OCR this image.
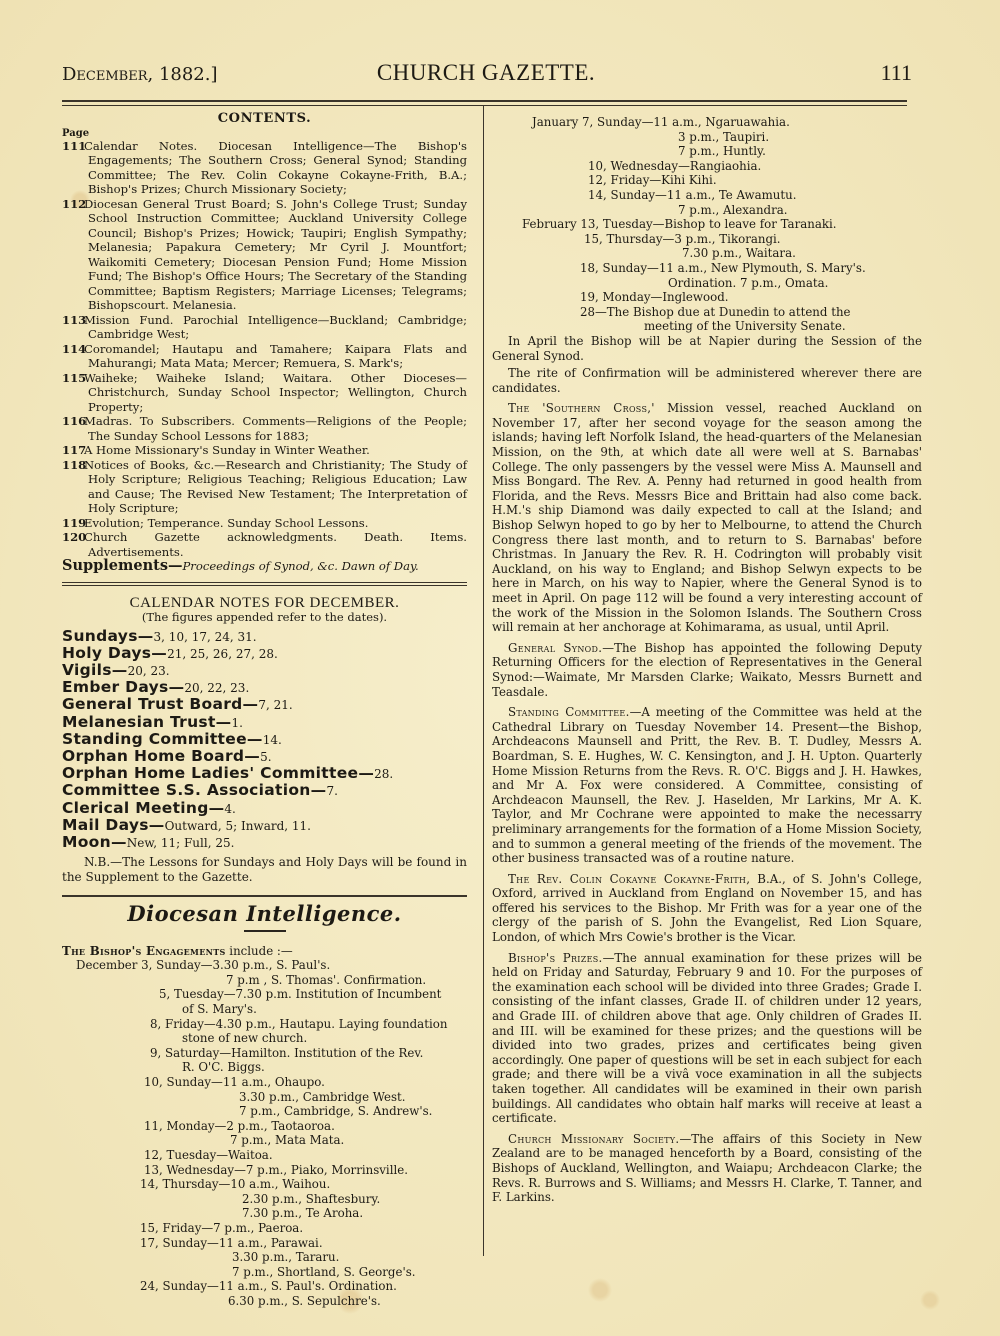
December, 1882.]	CHURCH GAZETTE.	111
CONTENTS.
Page
111
Calendar Notes. Diocesan Intelligence—The Bishop's Engagements; The Southern Cross; General Synod; Standing Committee; The Rev. Colin Cokayne Cokayne-Frith, B.A.; Bishop's Prizes; Church Missionary Society;
112
Diocesan General Trust Board; S. John's College Trust; Sunday School Instruction Committee; Auckland University College Council; Bishop's Prizes; Howick; Taupiri; English Sympathy; Melanesia; Papakura Cemetery; Mr Cyril J. Mountfort; Waikomiti Cemetery; Diocesan Pension Fund; Home Mission Fund; The Bishop's Office Hours; The Secretary of the Standing Committee; Baptism Registers; Marriage Licenses; Telegrams; Bishopscourt. Melanesia.
113
Mission Fund. Parochial Intelligence—Buckland; Cambridge; Cambridge West;
114
Coromandel; Hautapu and Tamahere; Kaipara Flats and Mahurangi; Mata Mata; Mercer; Remuera, S. Mark's;
115
Waiheke; Waiheke Island; Waitara. Other Dioceses—Christchurch, Sunday School Inspector; Wellington, Church Property;
116
Madras. To Subscribers. Comments—Religions of the People; The Sunday School Lessons for 1883;
117
A Home Missionary's Sunday in Winter Weather.
118
Notices of Books, &c.—Research and Christianity; The Study of Holy Scripture; Religious Teaching; Religious Education; Law and Cause; The Revised New Testament; The Interpretation of Holy Scripture;
119
Evolution; Temperance. Sunday School Lessons.
120
Church Gazette acknowledgments. Death. Items. Advertisements.
Supplements—Proceedings of Synod, &c. Dawn of Day.
CALENDAR NOTES FOR DECEMBER.
(The figures appended refer to the dates).
Sundays—3, 10, 17, 24, 31.
Holy Days—21, 25, 26, 27, 28.
Vigils—20, 23.
Ember Days—20, 22, 23.
General Trust Board—7, 21.
Melanesian Trust—1.
Standing Committee—14.
Orphan Home Board—5.
Orphan Home Ladies' Committee—28.
Committee S.S. Association—7.
Clerical Meeting—4.
Mail Days—Outward, 5; Inward, 11.
Moon—New, 11; Full, 25.
N.B.—The Lessons for Sundays and Holy Days will be found in the Supplement to the Gazette.
Diocesan Intelligence.
The Bishop's Engagements include :—
December 3, Sunday—3.30 p.m., S. Paul's.
7 p.m , S. Thomas'. Confirmation.
5, Tuesday—7.30 p.m. Institution of Incumbent
of S. Mary's.
8, Friday—4.30 p.m., Hautapu. Laying foundation
stone of new church.
9, Saturday—Hamilton. Institution of the Rev.
R. O'C. Biggs.
10, Sunday—11 a.m., Ohaupo.
3.30 p.m., Cambridge West.
7 p.m., Cambridge, S. Andrew's.
11, Monday—2 p.m., Taotaoroa.
7 p.m., Mata Mata.
12, Tuesday—Waitoa.
13, Wednesday—7 p.m., Piako, Morrinsville.
14, Thursday—10 a.m., Waihou.
2.30 p.m., Shaftesbury.
7.30 p.m., Te Aroha.
15, Friday—7 p.m., Paeroa.
17, Sunday—11 a.m., Parawai.
3.30 p.m., Tararu.
7 p.m., Shortland, S. George's.
24, Sunday—11 a.m., S. Paul's. Ordination.
6.30 p.m., S. Sepulchre's.
January 7, Sunday—11 a.m., Ngaruawahia.
3 p.m., Taupiri.
7 p.m., Huntly.
10, Wednesday—Rangiaohia.
12, Friday—Kihi Kihi.
14, Sunday—11 a.m., Te Awamutu.
7 p.m., Alexandra.
February 13, Tuesday—Bishop to leave for Taranaki.
15, Thursday—3 p.m., Tikorangi.
7.30 p.m., Waitara.
18, Sunday—11 a.m., New Plymouth, S. Mary's.
Ordination. 7 p.m., Omata.
19, Monday—Inglewood.
28—The Bishop due at Dunedin to attend the
meeting of the University Senate.
In April the Bishop will be at Napier during the Session of the General Synod.
The rite of Confirmation will be administered wherever there are candidates.
The 'Southern Cross,' Mission vessel, reached Auckland on November 17, after her second voyage for the season among the islands; having left Norfolk Island, the head-quarters of the Melanesian Mission, on the 9th, at which date all were well at S. Barnabas' College. The only passengers by the vessel were Miss A. Maunsell and Miss Bongard. The Rev. A. Penny had returned in good health from Florida, and the Revs. Messrs Bice and Brittain had also come back. H.M.'s ship Diamond was daily expected to call at the Island; and Bishop Selwyn hoped to go by her to Melbourne, to attend the Church Congress there last month, and to return to S. Barnabas' before Christmas. In January the Rev. R. H. Codrington will probably visit Auckland, on his way to England; and Bishop Selwyn expects to be here in March, on his way to Napier, where the General Synod is to meet in April. On page 112 will be found a very interesting account of the work of the Mission in the Solomon Islands. The Southern Cross will remain at her anchorage at Kohimarama, as usual, until April.
General Synod.—The Bishop has appointed the following Deputy Returning Officers for the election of Representatives in the General Synod:—Waimate, Mr Marsden Clarke; Waikato, Messrs Burnett and Teasdale.
Standing Committee.—A meeting of the Committee was held at the Cathedral Library on Tuesday November 14. Present—the Bishop, Archdeacons Maunsell and Pritt, the Rev. B. T. Dudley, Messrs A. Boardman, S. E. Hughes, W. C. Kensington, and J. H. Upton. Quarterly Home Mission Returns from the Revs. R. O'C. Biggs and J. H. Hawkes, and Mr A. Fox were considered. A Committee, consisting of Archdeacon Maunsell, the Rev. J. Haselden, Mr Larkins, Mr A. K. Taylor, and Mr Cochrane were appointed to make the necessarry preliminary arrangements for the formation of a Home Mission Society, and to summon a general meeting of the friends of the movement. The other business transacted was of a routine nature.
The Rev. Colin Cokayne Cokayne-Frith, B.A., of S. John's College, Oxford, arrived in Auckland from England on November 15, and has offered his services to the Bishop. Mr Frith was for a year one of the clergy of the parish of S. John the Evangelist, Red Lion Square, London, of which Mrs Cowie's brother is the Vicar.
Bishop's Prizes.—The annual examination for these prizes will be held on Friday and Saturday, February 9 and 10. For the purposes of the examination each school will be divided into three Grades; Grade I. consisting of the infant classes, Grade II. of children under 12 years, and Grade III. of children above that age. Only children of Grades II. and III. will be examined for these prizes; and the questions will be divided into two grades, prizes and certificates being given accordingly. One paper of questions will be set in each subject for each grade; and there will be a vivâ voce examination in all the subjects taken together. All candidates will be examined in their own parish buildings. All candidates who obtain half marks will receive at least a certificate.
Church Missionary Society.—The affairs of this Society in New Zealand are to be managed henceforth by a Board, consisting of the Bishops of Auckland, Wellington, and Waiapu; Archdeacon Clarke; the Revs. R. Burrows and S. Williams; and Messrs H. Clarke, T. Tanner, and F. Larkins.
